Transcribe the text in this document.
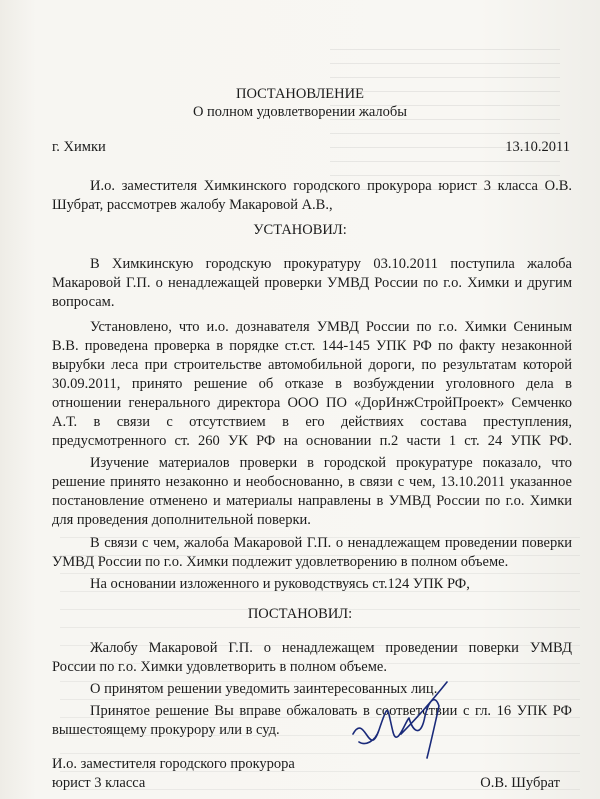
ПОСТАНОВЛЕНИЕ
О полном удовлетворении жалобы
г. Химки	13.10.2011
И.о. заместителя Химкинского городского прокурора юрист 3 класса О.В.
Шубрат, рассмотрев жалобу Макаровой А.В.,
УСТАНОВИЛ:
В Химкинскую городскую прокуратуру 03.10.2011 поступила жалоба
Макаровой Г.П. о ненадлежащей проверки УМВД России по г.о. Химки и другим
вопросам.
Установлено, что и.о. дознавателя УМВД России по г.о. Химки Сениным
В.В. проведена проверка в порядке ст.ст. 144-145 УПК РФ по факту незаконной
вырубки леса при строительстве автомобильной дороги, по результатам которой
30.09.2011, принято решение об отказе в возбуждении уголовного дела в
отношении генерального директора ООО ПО «ДорИнжСтройПроект» Семченко
А.Т. в связи с отсутствием в его действиях состава преступления,
предусмотренного ст. 260 УК РФ на основании п.2 части 1 ст. 24 УПК РФ.
Изучение материалов проверки в городской прокуратуре показало, что
решение принято незаконно и необоснованно, в связи с чем, 13.10.2011 указанное
постановление отменено и материалы направлены в УМВД России по г.о. Химки
для проведения дополнительной поверки.
В связи с чем, жалоба Макаровой Г.П. о ненадлежащем проведении поверки
УМВД России по г.о. Химки подлежит удовлетворению в полном объеме.
На основании изложенного и руководствуясь ст.124 УПК РФ,
ПОСТАНОВИЛ:
Жалобу Макаровой Г.П. о ненадлежащем проведении поверки УМВД
России по г.о. Химки удовлетворить в полном объеме.
О принятом решении уведомить заинтересованных лиц.
Принятое решение Вы вправе обжаловать в соответствии с гл. 16 УПК РФ
вышестоящему прокурору или в суд.
И.о. заместителя городского прокурора
юрист 3 класса	О.В. Шубрат
